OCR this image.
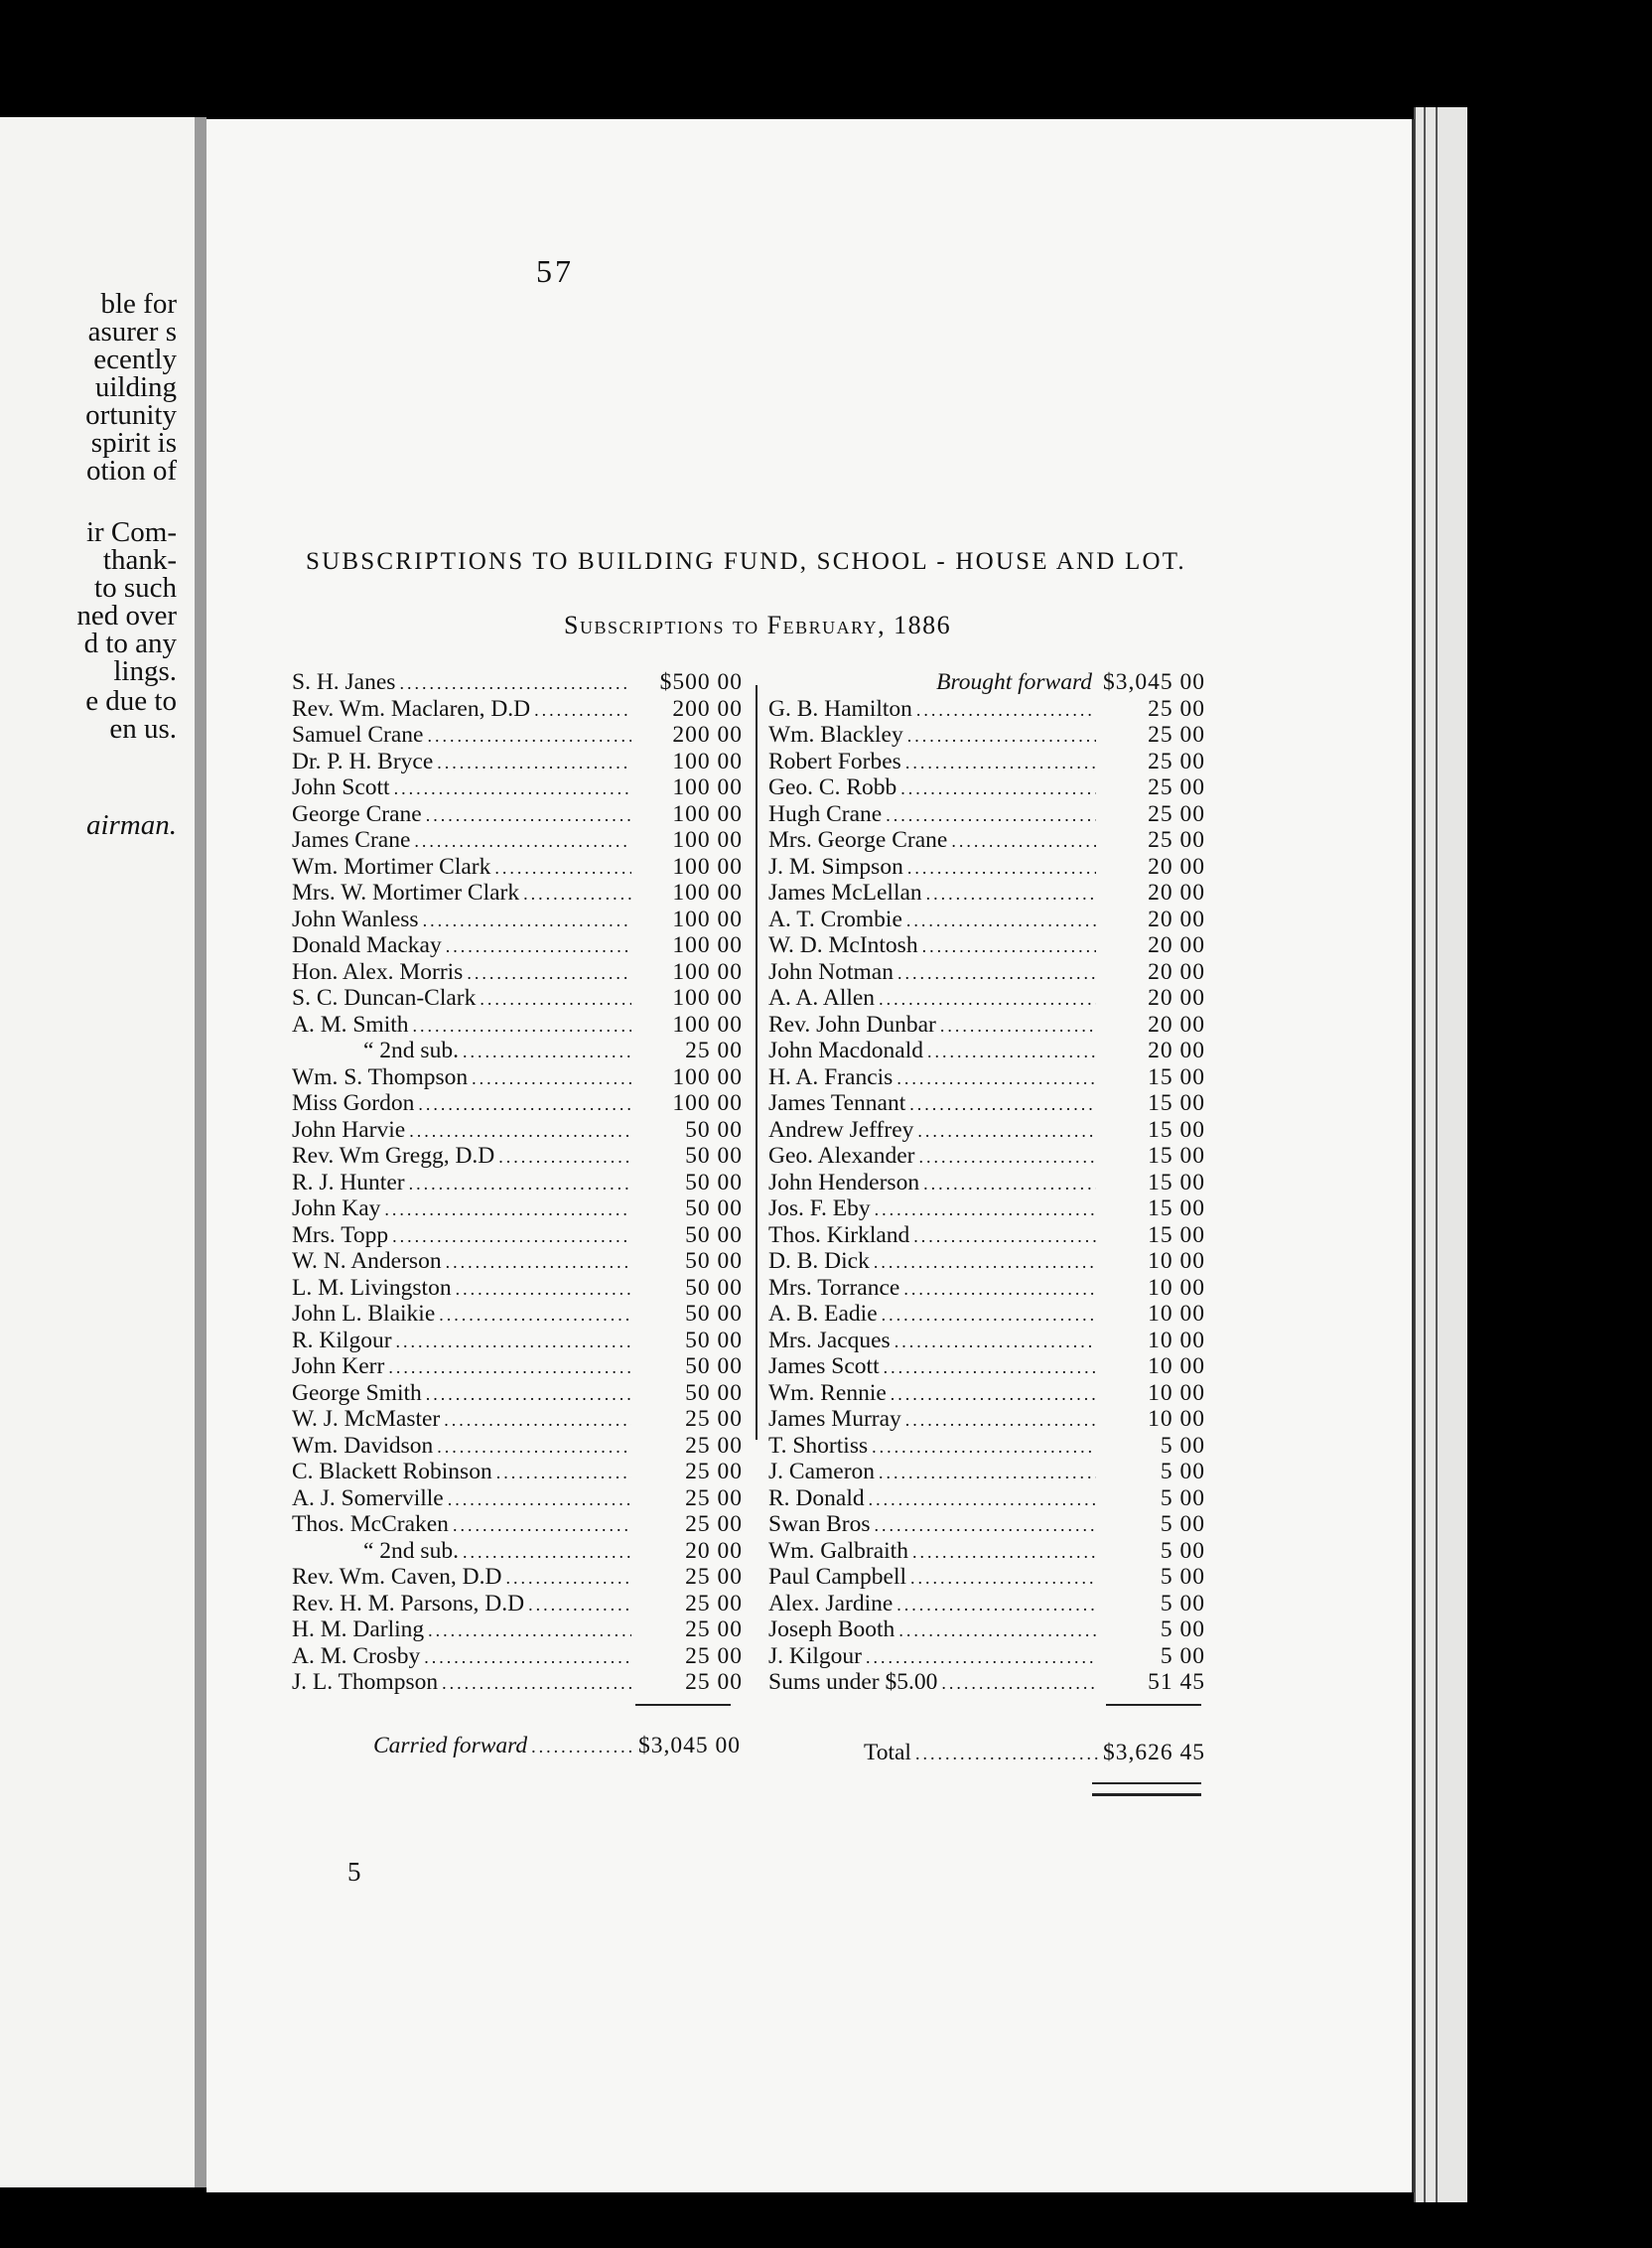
ble for
asurer s
ecently
uilding
ortunity
spirit is
otion of
ir Com-
thank-
to such
ned over
d to any
lings.
e due to
en us.
airman.
57
SUBSCRIPTIONS TO BUILDING FUND, SCHOOL - HOUSE AND LOT.
Subscriptions to February, 1886
S. H. Janes .....	$500 00
Rev. Wm. Maclaren, D.D .....	200 00
Samuel Crane .....	200 00
Dr. P. H. Bryce .....	100 00
John Scott .....	100 00
George Crane .....	100 00
James Crane .....	100 00
Wm. Mortimer Clark .....	100 00
Mrs. W. Mortimer Clark .....	100 00
John Wanless .....	100 00
Donald Mackay .....	100 00
Hon. Alex. Morris .....	100 00
S. C. Duncan-Clark .....	100 00
A. M. Smith .....	100 00
“ 2nd sub. .....	25 00
Wm. S. Thompson .....	100 00
Miss Gordon .....	100 00
John Harvie .....	50 00
Rev. Wm Gregg, D.D .....	50 00
R. J. Hunter .....	50 00
John Kay .....	50 00
Mrs. Topp .....	50 00
W. N. Anderson .....	50 00
L. M. Livingston .....	50 00
John L. Blaikie .....	50 00
R. Kilgour .....	50 00
John Kerr .....	50 00
George Smith .....	50 00
W. J. McMaster .....	25 00
Wm. Davidson .....	25 00
C. Blackett Robinson .....	25 00
A. J. Somerville .....	25 00
Thos. McCraken .....	25 00
“ 2nd sub. .....	20 00
Rev. Wm. Caven, D.D .....	25 00
Rev. H. M. Parsons, D.D .....	25 00
H. M. Darling .....	25 00
A. M. Crosby .....	25 00
J. L. Thompson .....	25 00
Brought forward $3,045 00
G. B. Hamilton .....	25 00
Wm. Blackley .....	25 00
Robert Forbes .....	25 00
Geo. C. Robb .....	25 00
Hugh Crane .....	25 00
Mrs. George Crane .....	25 00
J. M. Simpson .....	20 00
James McLellan .....	20 00
A. T. Crombie .....	20 00
W. D. McIntosh .....	20 00
John Notman .....	20 00
A. A. Allen .....	20 00
Rev. John Dunbar .....	20 00
John Macdonald .....	20 00
H. A. Francis .....	15 00
James Tennant .....	15 00
Andrew Jeffrey .....	15 00
Geo. Alexander .....	15 00
John Henderson .....	15 00
Jos. F. Eby .....	15 00
Thos. Kirkland .....	15 00
D. B. Dick .....	10 00
Mrs. Torrance .....	10 00
A. B. Eadie .....	10 00
Mrs. Jacques .....	10 00
James Scott .....	10 00
Wm. Rennie .....	10 00
James Murray .....	10 00
T. Shortiss .....	5 00
J. Cameron .....	5 00
R. Donald .....	5 00
Swan Bros .....	5 00
Wm. Galbraith .....	5 00
Paul Campbell .....	5 00
Alex. Jardine .....	5 00
Joseph Booth .....	5 00
J. Kilgour .....	5 00
Sums under $5.00 .....	51 45
Carried forward .....	$3,045 00	Total .....	$3,626 45
5
